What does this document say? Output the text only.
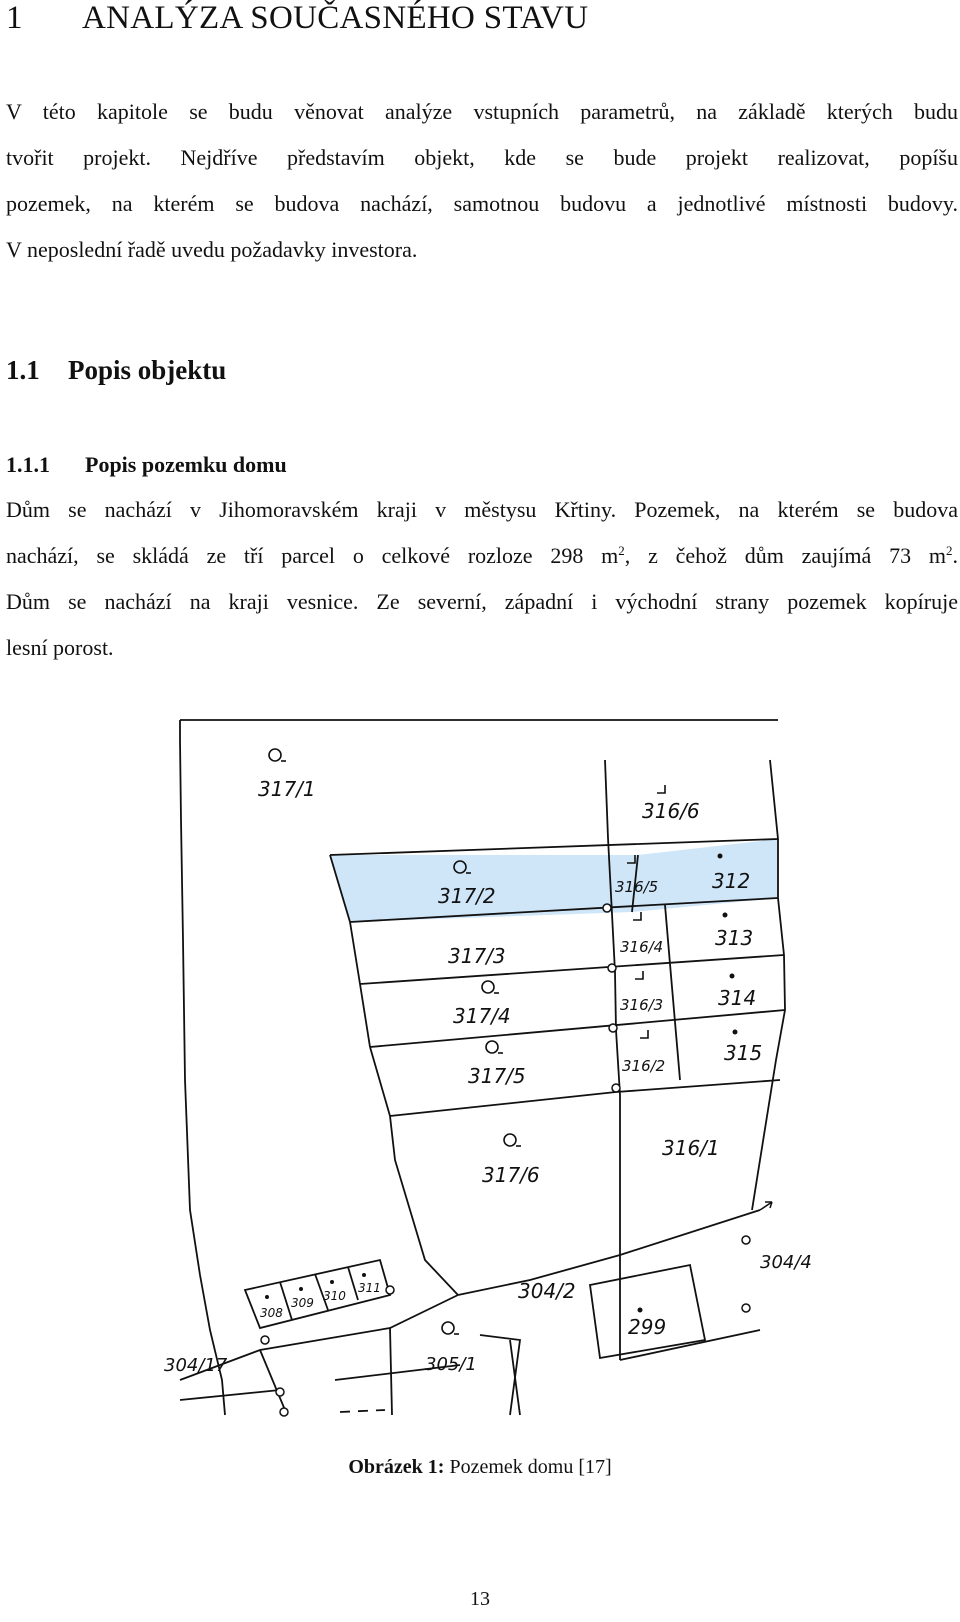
1 ANALÝZA SOUČASNÉHO STAVU
V této kapitole se budu věnovat analýze vstupních parametrů, na základě kterých budu
tvořit projekt. Nejdříve představím objekt, kde se bude projekt realizovat, popíšu
pozemek, na kterém se budova nachází, samotnou budovu a jednotlivé místnosti budovy.
V neposlední řadě uvedu požadavky investora.
1.1 Popis objektu
1.1.1 Popis pozemku domu
Dům se nachází v Jihomoravském kraji v městysu Křtiny. Pozemek, na kterém se budova
nachází, se skládá ze tří parcel o celkové rozloze 298 $m^2$, z čehož dům zaujímá 73 $m^2$.
Dům se nachází na kraji vesnice. Ze severní, západní i východní strany pozemek kopíruje
lesní porost.
317/1
316/6
317/2	316/5	312
317/3	316/4	313
317/4	316/3	314
317/5	316/2
315
317/6
316/1
304/4
304/2
299
308
309 310
311
304/17	305/1
Obrázek 1: Pozemek domu [17]
13
